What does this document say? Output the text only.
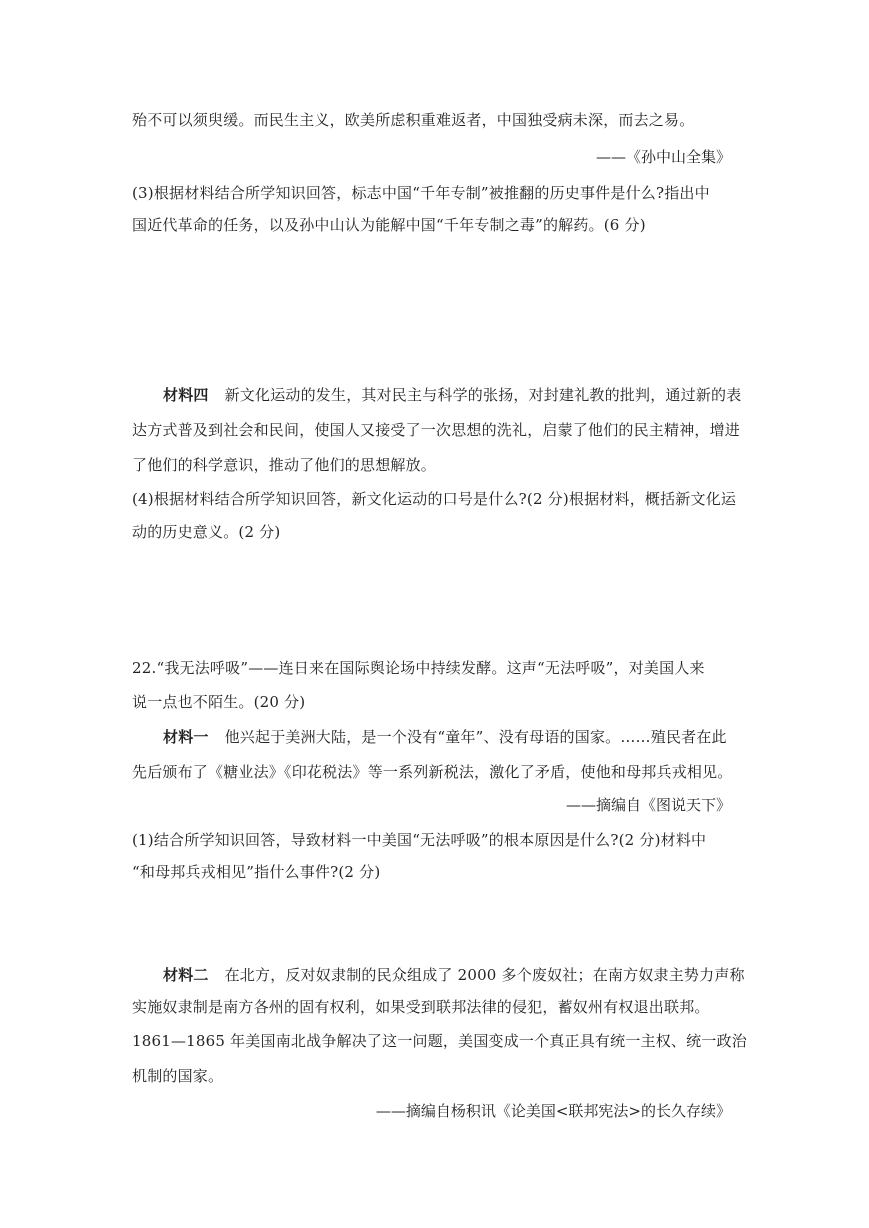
殆不可以须臾缓。而民生主义，欧美所虑积重难返者，中国独受病未深，而去之易。
——《孙中山全集》
(3)根据材料结合所学知识回答，标志中国“千年专制”被推翻的历史事件是什么?指出中
国近代革命的任务，以及孙中山认为能解中国“千年专制之毒”的解药。(6 分)
材料四 新文化运动的发生，其对民主与科学的张扬，对封建礼教的批判，通过新的表
达方式普及到社会和民间，使国人又接受了一次思想的洗礼，启蒙了他们的民主精神，增进
了他们的科学意识，推动了他们的思想解放。
(4)根据材料结合所学知识回答，新文化运动的口号是什么?(2 分)根据材料，概括新文化运
动的历史意义。(2 分)
22.“我无法呼吸”——连日来在国际舆论场中持续发酵。这声“无法呼吸”，对美国人来
说一点也不陌生。(20 分)
材料一 他兴起于美洲大陆，是一个没有“童年”、没有母语的国家。……殖民者在此
先后颁布了《糖业法》《印花税法》等一系列新税法，激化了矛盾，使他和母邦兵戎相见。
——摘编自《图说天下》
(1)结合所学知识回答，导致材料一中美国“无法呼吸”的根本原因是什么?(2 分)材料中
“和母邦兵戎相见”指什么事件?(2 分)
材料二 在北方，反对奴隶制的民众组成了 2000 多个废奴社；在南方奴隶主势力声称
实施奴隶制是南方各州的固有权利，如果受到联邦法律的侵犯，蓄奴州有权退出联邦。
1861—1865 年美国南北战争解决了这一问题，美国变成一个真正具有统一主权、统一政治
机制的国家。
——摘编自杨积讯《论美国<联邦宪法>的长久存续》
